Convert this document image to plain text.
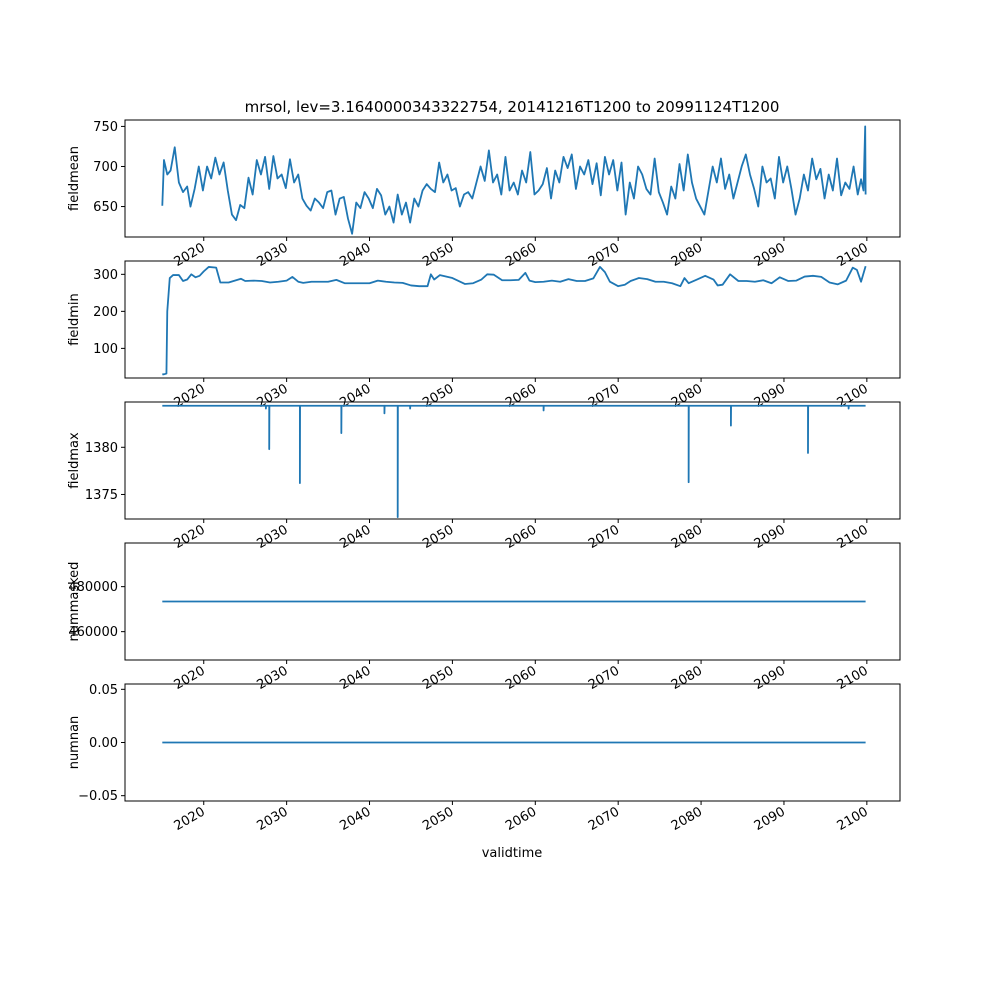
650
700
750
2020	2030	2040	2050	2060	2070	2080	2090	2100
fieldmean
100
200
300
2020	2030	2040	2050	2060	2070	2080	2090	2100
fieldmin
1375
1380
2020	2030	2040	2050	2060	2070	2080	2090	2100
fieldmax
460000
480000
2020	2030	2040	2050	2060	2070	2080	2090	2100
nummasked
−0.05
0.00
0.05
2020	2030	2040	2050	2060	2070	2080	2090	2100
numnan
mrsol, lev=3.1640000343322754, 20141216T1200 to 20991124T1200
validtime
